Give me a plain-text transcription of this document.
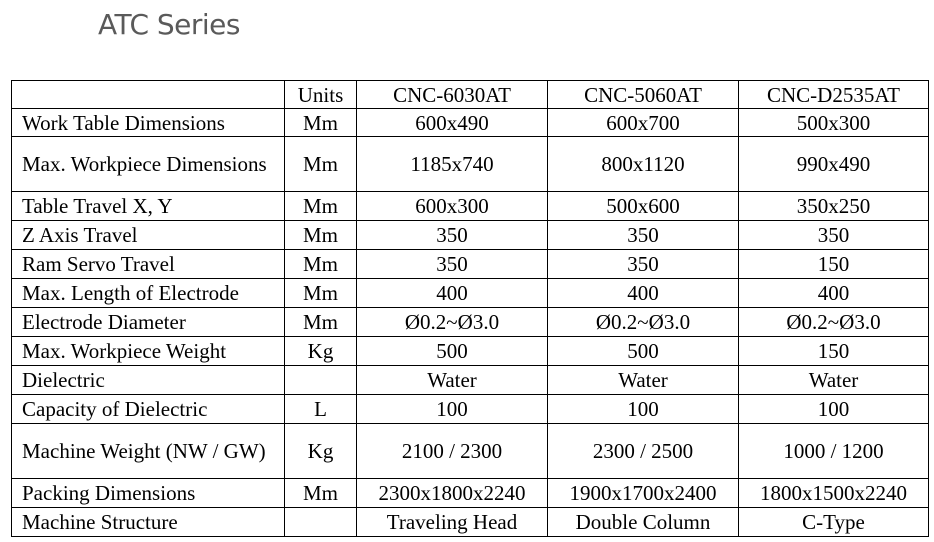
ATC Series
	Units	CNC-6030AT	CNC-5060AT	CNC-D2535AT
Work Table Dimensions	Mm	600x490	600x700	500x300
Max. Workpiece Dimensions	Mm	1185x740	800x1120	990x490
Table Travel X, Y	Mm	600x300	500x600	350x250
Z Axis Travel	Mm	350	350	350
Ram Servo Travel	Mm	350	350	150
Max. Length of Electrode	Mm	400	400	400
Electrode Diameter	Mm	Ø0.2~Ø3.0	Ø0.2~Ø3.0	Ø0.2~Ø3.0
Max. Workpiece Weight	Kg	500	500	150
Dielectric		Water	Water	Water
Capacity of Dielectric	L	100	100	100
Machine Weight (NW / GW)	Kg	2100 / 2300	2300 / 2500	1000 / 1200
Packing Dimensions	Mm	2300x1800x2240	1900x1700x2400	1800x1500x2240
Machine Structure		Traveling Head	Double Column	C-Type
